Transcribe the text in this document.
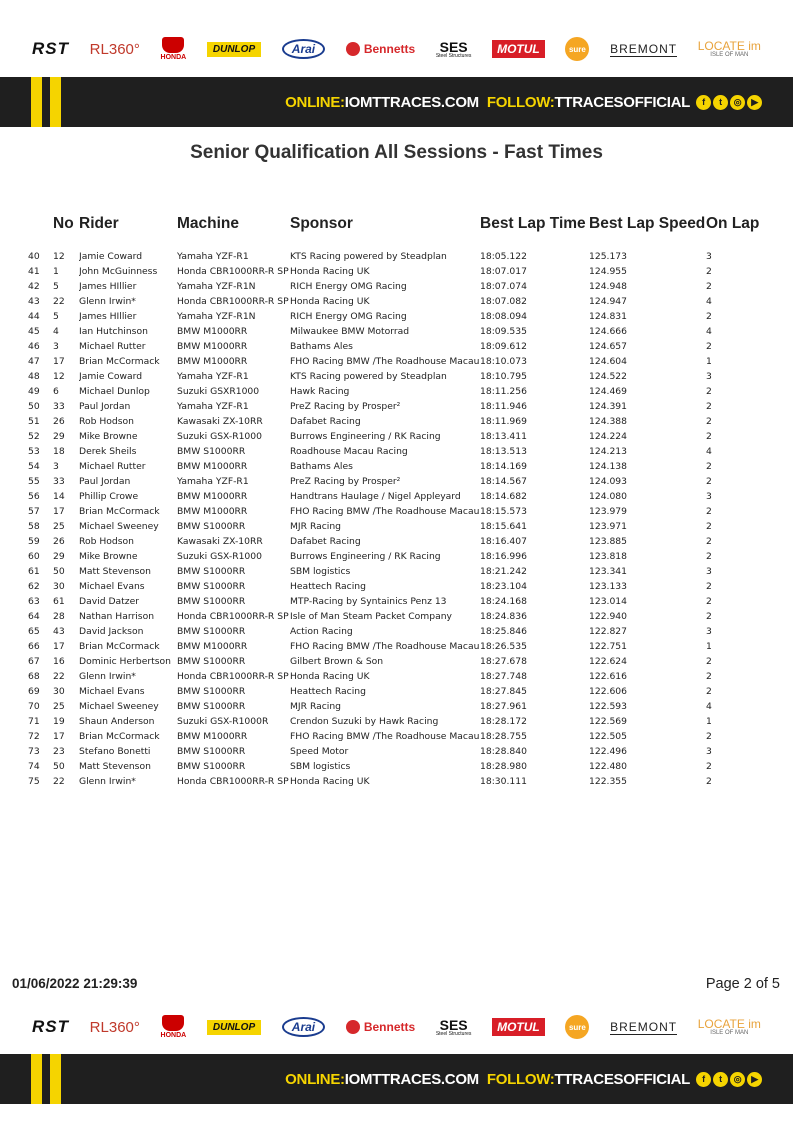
RST RL360°	HONDA
DUNLOP	Arai	Bennetts SES
Steel Structures MOTUL	sure BREMONT LOCATE im
ISLE OF MAN
ONLINE: IOMTTRACES.COM FOLLOW: TTRACESOFFICIAL	f	t	◎	▶
Senior Qualification All Sessions - Fast Times
	No	Rider	Machine	Sponsor	Best Lap Time	Best Lap Speed	On Lap
40	12	Jamie Coward	Yamaha YZF-R1	KTS Racing powered by Steadplan	18:05.122	125.173	3
41	1	John McGuinness	Honda CBR1000RR-R SP	Honda Racing UK	18:07.017	124.955	2
42	5	James HIllier	Yamaha YZF-R1N	RICH Energy OMG Racing	18:07.074	124.948	2
43	22	Glenn Irwin*	Honda CBR1000RR-R SP	Honda Racing UK	18:07.082	124.947	4
44	5	James HIllier	Yamaha YZF-R1N	RICH Energy OMG Racing	18:08.094	124.831	2
45	4	Ian Hutchinson	BMW M1000RR	Milwaukee BMW Motorrad	18:09.535	124.666	4
46	3	Michael Rutter	BMW M1000RR	Bathams Ales	18:09.612	124.657	2
47	17	Brian McCormack	BMW M1000RR	FHO Racing BMW /The Roadhouse Macau	18:10.073	124.604	1
48	12	Jamie Coward	Yamaha YZF-R1	KTS Racing powered by Steadplan	18:10.795	124.522	3
49	6	Michael Dunlop	Suzuki GSXR1000	Hawk Racing	18:11.256	124.469	2
50	33	Paul Jordan	Yamaha YZF-R1	PreZ Racing by Prosper²	18:11.946	124.391	2
51	26	Rob Hodson	Kawasaki ZX-10RR	Dafabet Racing	18:11.969	124.388	2
52	29	Mike Browne	Suzuki GSX-R1000	Burrows Engineering / RK Racing	18:13.411	124.224	2
53	18	Derek Sheils	BMW S1000RR	Roadhouse Macau Racing	18:13.513	124.213	4
54	3	Michael Rutter	BMW M1000RR	Bathams Ales	18:14.169	124.138	2
55	33	Paul Jordan	Yamaha YZF-R1	PreZ Racing by Prosper²	18:14.567	124.093	2
56	14	Phillip Crowe	BMW M1000RR	Handtrans Haulage / Nigel Appleyard	18:14.682	124.080	3
57	17	Brian McCormack	BMW M1000RR	FHO Racing BMW /The Roadhouse Macau	18:15.573	123.979	2
58	25	Michael Sweeney	BMW S1000RR	MJR Racing	18:15.641	123.971	2
59	26	Rob Hodson	Kawasaki ZX-10RR	Dafabet Racing	18:16.407	123.885	2
60	29	Mike Browne	Suzuki GSX-R1000	Burrows Engineering / RK Racing	18:16.996	123.818	2
61	50	Matt Stevenson	BMW S1000RR	SBM logistics	18:21.242	123.341	3
62	30	Michael Evans	BMW S1000RR	Heattech Racing	18:23.104	123.133	2
63	61	David Datzer	BMW S1000RR	MTP-Racing by Syntainics Penz 13	18:24.168	123.014	2
64	28	Nathan Harrison	Honda CBR1000RR-R SP	Isle of Man Steam Packet Company	18:24.836	122.940	2
65	43	David Jackson	BMW S1000RR	Action Racing	18:25.846	122.827	3
66	17	Brian McCormack	BMW M1000RR	FHO Racing BMW /The Roadhouse Macau	18:26.535	122.751	1
67	16	Dominic Herbertson	BMW S1000RR	Gilbert Brown & Son	18:27.678	122.624	2
68	22	Glenn Irwin*	Honda CBR1000RR-R SP	Honda Racing UK	18:27.748	122.616	2
69	30	Michael Evans	BMW S1000RR	Heattech Racing	18:27.845	122.606	2
70	25	Michael Sweeney	BMW S1000RR	MJR Racing	18:27.961	122.593	4
71	19	Shaun Anderson	Suzuki GSX-R1000R	Crendon Suzuki by Hawk Racing	18:28.172	122.569	1
72	17	Brian McCormack	BMW M1000RR	FHO Racing BMW /The Roadhouse Macau	18:28.755	122.505	2
73	23	Stefano Bonetti	BMW S1000RR	Speed Motor	18:28.840	122.496	3
74	50	Matt Stevenson	BMW S1000RR	SBM logistics	18:28.980	122.480	2
75	22	Glenn Irwin*	Honda CBR1000RR-R SP	Honda Racing UK	18:30.111	122.355	2
01/06/2022 21:29:39	Page 2 of 5
RST RL360°	HONDA
DUNLOP	Arai	Bennetts SES
Steel Structures MOTUL	sure BREMONT LOCATE im
ISLE OF MAN
ONLINE: IOMTTRACES.COM FOLLOW: TTRACESOFFICIAL	f	t	◎	▶
